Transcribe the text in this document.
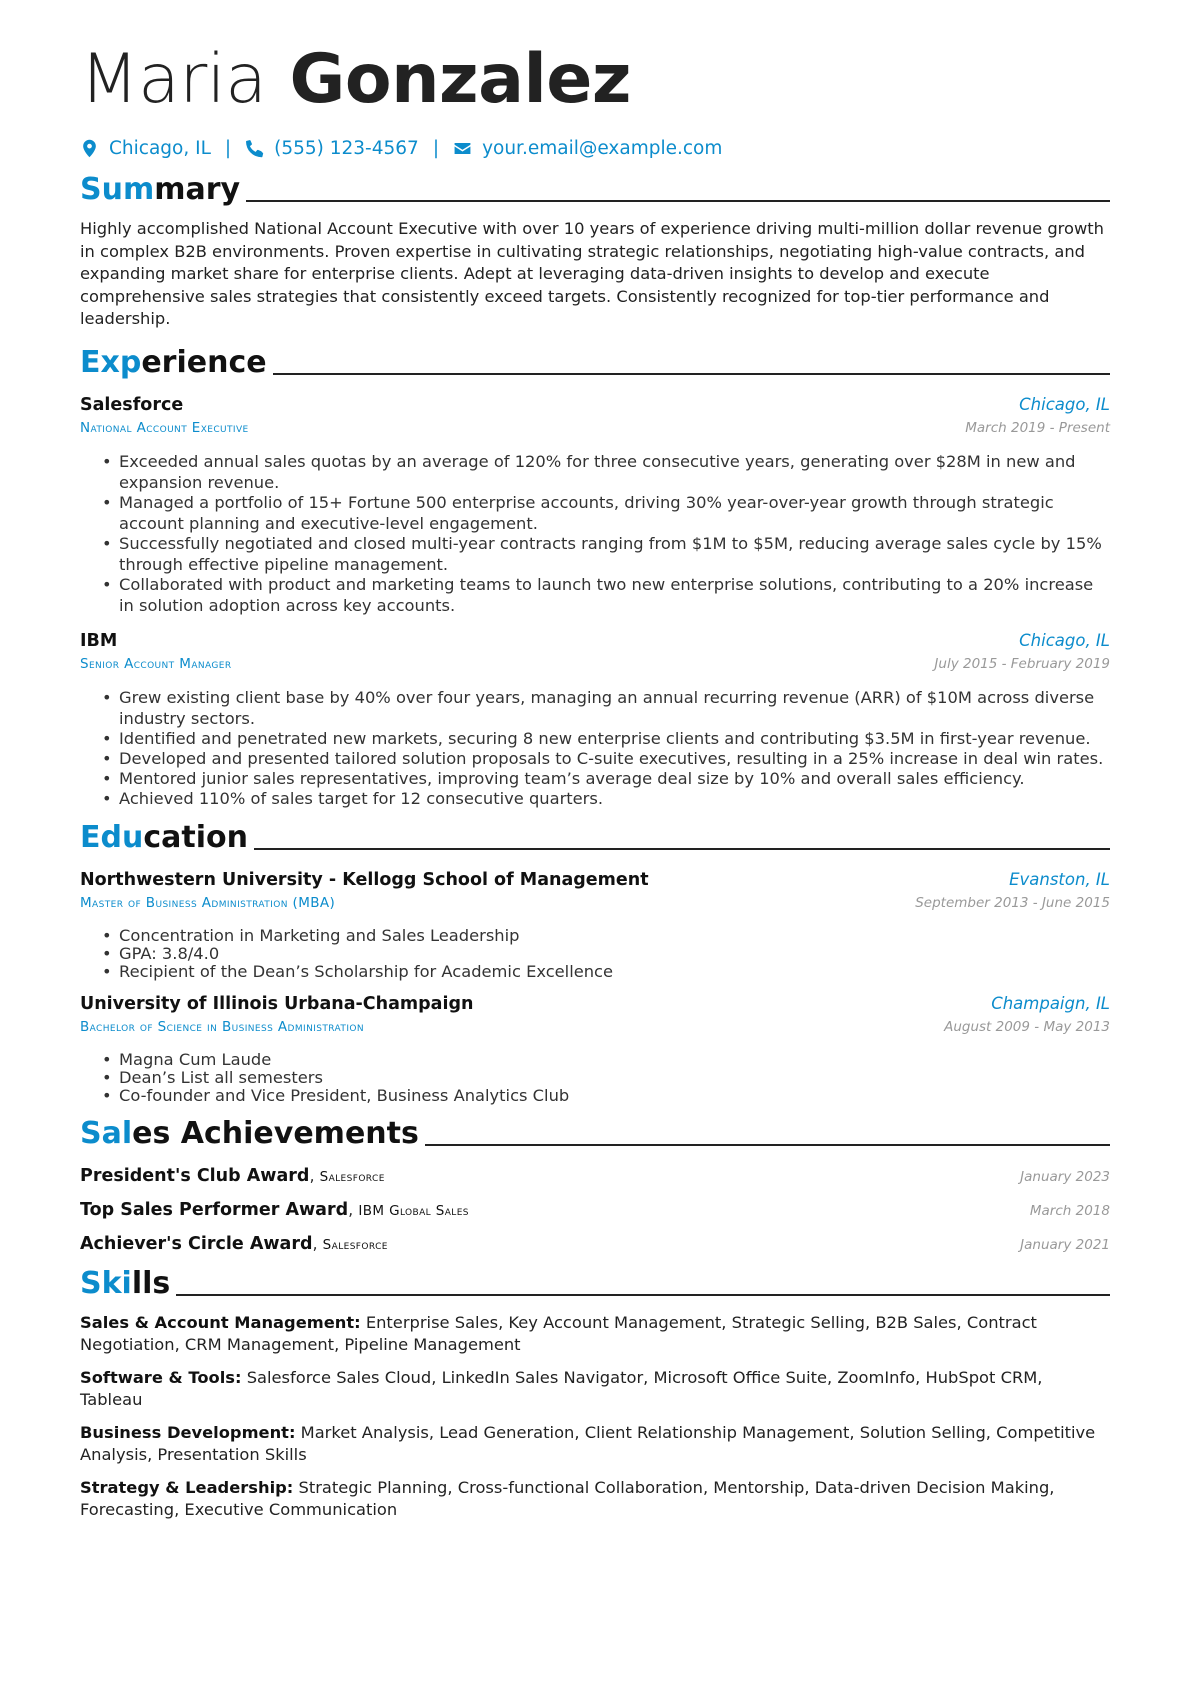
Maria Gonzalez
Chicago, IL | (555) 123-4567 | your.email@example.com
Summary

Highly accomplished National Account Executive with over 10 years of experience driving multi-million dollar revenue growth in complex B2B environments. Proven expertise in cultivating strategic relationships, negotiating high-value contracts, and expanding market share for enterprise clients. Adept at leveraging data-driven insights to develop and execute comprehensive sales strategies that consistently exceed targets. Consistently recognized for top-tier performance and leadership.

Experience
Salesforce	Chicago, IL
National Account Executive	March 2019 - Present
• Exceeded annual sales quotas by an average of 120% for three consecutive years, generating over $28M in new and expansion revenue.
• Managed a portfolio of 15+ Fortune 500 enterprise accounts, driving 30% year-over-year growth through strategic account planning and executive-level engagement.
• Successfully negotiated and closed multi-year contracts ranging from $1M to $5M, reducing average sales cycle by 15% through effective pipeline management.
• Collaborated with product and marketing teams to launch two new enterprise solutions, contributing to a 20% increase in solution adoption across key accounts.
IBM	Chicago, IL
Senior Account Manager	July 2015 - February 2019
• Grew existing client base by 40% over four years, managing an annual recurring revenue (ARR) of $10M across diverse industry sectors.
• Identified and penetrated new markets, securing 8 new enterprise clients and contributing $3.5M in first-year revenue.
• Developed and presented tailored solution proposals to C-suite executives, resulting in a 25% increase in deal win rates.
• Mentored junior sales representatives, improving team’s average deal size by 10% and overall sales efficiency.
• Achieved 110% of sales target for 12 consecutive quarters.
Education
Northwestern University - Kellogg School of Management	Evanston, IL
Master of Business Administration (MBA)	September 2013 - June 2015
• Concentration in Marketing and Sales Leadership
• GPA: 3.8/4.0
• Recipient of the Dean’s Scholarship for Academic Excellence
University of Illinois Urbana-Champaign	Champaign, IL
Bachelor of Science in Business Administration	August 2009 - May 2013
• Magna Cum Laude
• Dean’s List all semesters
• Co-founder and Vice President, Business Analytics Club
Sales Achievements
President's Club Award, Salesforce	January 2023
Top Sales Performer Award, IBM Global Sales	March 2018
Achiever's Circle Award, Salesforce	January 2021
Skills

Sales & Account Management: Enterprise Sales, Key Account Management, Strategic Selling, B2B Sales, Contract Negotiation, CRM Management, Pipeline Management

Software & Tools: Salesforce Sales Cloud, LinkedIn Sales Navigator, Microsoft Office Suite, ZoomInfo, HubSpot CRM, Tableau

Business Development: Market Analysis, Lead Generation, Client Relationship Management, Solution Selling, Competitive Analysis, Presentation Skills

Strategy & Leadership: Strategic Planning, Cross-functional Collaboration, Mentorship, Data-driven Decision Making, Forecasting, Executive Communication
